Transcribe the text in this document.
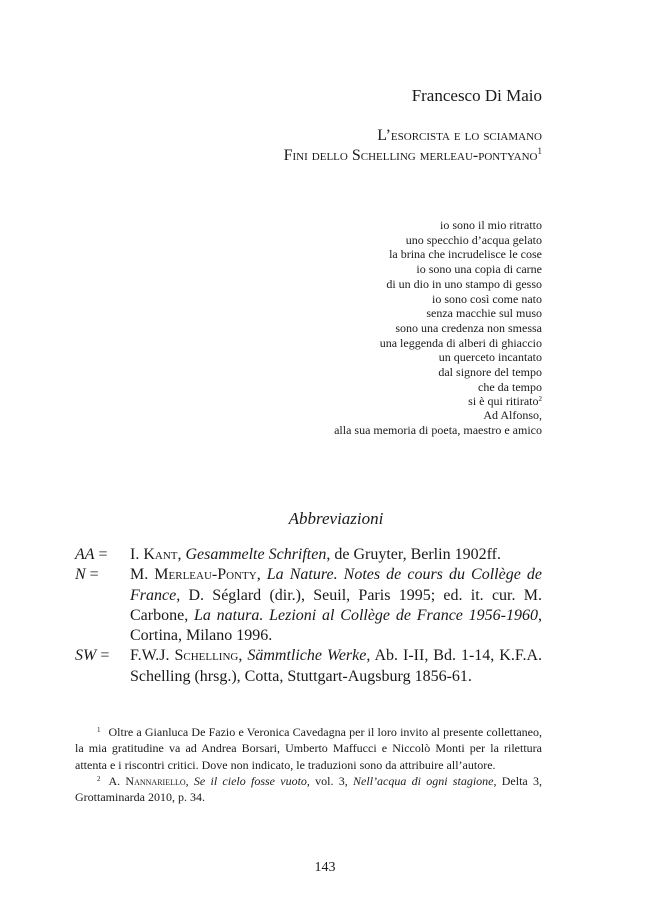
Francesco Di Maio
L’esorcista e lo sciamano
Fini dello Schelling merleau-pontyano$^1$
io sono il mio ritratto
uno specchio d’acqua gelato
la brina che incrudelisce le cose
io sono una copia di carne
di un dio in uno stampo di gesso
io sono così come nato
senza macchie sul muso
sono una credenza non smessa
una leggenda di alberi di ghiaccio
un querceto incantato
dal signore del tempo
che da tempo
si è qui ritirato$^2$
Ad Alfonso,
alla sua memoria di poeta, maestro e amico
Abbreviazioni
AA = I. Kant, Gesammelte Schriften, de Gruyter, Berlin 1902ff.
N = M. Merleau-Ponty, La Nature. Notes de cours du Collège de France, D. Séglard (dir.), Seuil, Paris 1995; ed. it. cur. M. Carbone, La natura. Lezioni al Collège de France 1956-1960, Cortina, Milano 1996.
SW = F.W.J. Schelling, Sämmtliche Werke, Ab. I-II, Bd. 1-14, K.F.A. Schelling (hrsg.), Cotta, Stuttgart-Augsburg 1856-61.
$^1$ Oltre a Gianluca De Fazio e Veronica Cavedagna per il loro invito al presente collettaneo, la mia gratitudine va ad Andrea Borsari, Umberto Maffucci e Niccolò Monti per la rilettura attenta e i riscontri critici. Dove non indicato, le traduzioni sono da attribuire all’autore.
$^2$ A. Nannariello, Se il cielo fosse vuoto, vol. 3, Nell’acqua di ogni stagione, Delta 3, Grottaminarda 2010, p. 34.
143
